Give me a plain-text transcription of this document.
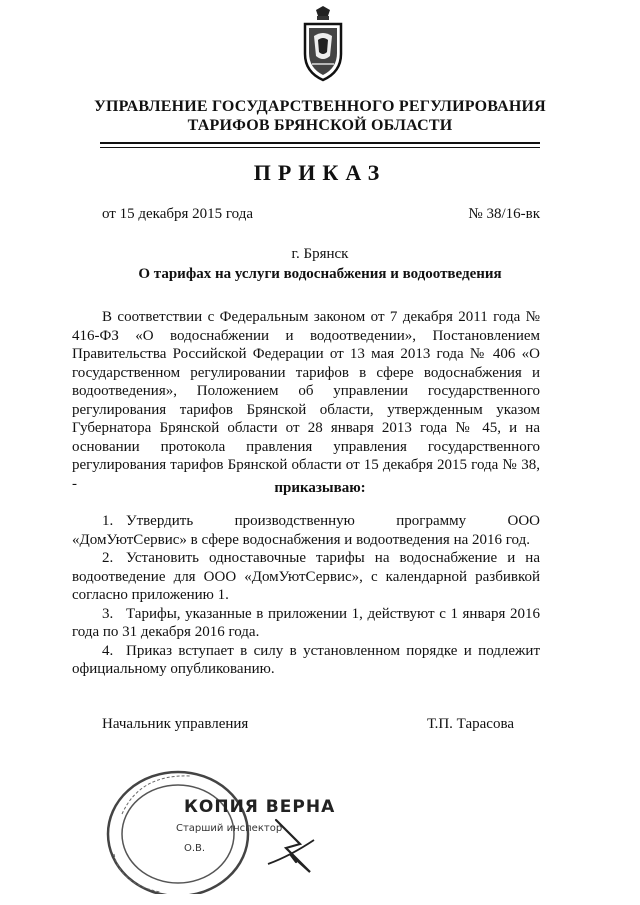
УПРАВЛЕНИЕ ГОСУДАРСТВЕННОГО РЕГУЛИРОВАНИЯ
ТАРИФОВ БРЯНСКОЙ ОБЛАСТИ
ПРИКАЗ
от 15 декабря 2015 года	№ 38/16-вк
г. Брянск
О тарифах на услуги водоснабжения и водоотведения

В соответствии с Федеральным законом от 7 декабря 2011 года № 416-ФЗ «О водоснабжении и водоотведении», Постановлением Правительства Российской Федерации от 13 мая 2013 года № 406 «О государственном регулировании тарифов в сфере водоснабжения и водоотведения», Положением об управлении государственного регулирования тарифов Брянской области, утвержденным указом Губернатора Брянской области от 28 января 2013 года № 45, и на основании протокола правления управления государственного регулирования тарифов Брянской области от 15 декабря 2015 года № 38, -	приказываю:

1. Утвердить производственную программу ООО «ДомУютСервис» в сфере водоснабжения и водоотведения на 2016 год.

2. Установить одноставочные тарифы на водоснабжение и на водоотведение для ООО «ДомУютСервис», с календарной разбивкой согласно приложению 1.

3. Тарифы, указанные в приложении 1, действуют с 1 января 2016 года по 31 декабря 2016 года.

4. Приказ вступает в силу в установленном порядке и подлежит официальному опубликованию.

Начальник управления	Т.П. Тарасова
КОПИЯ ВЕРНА
Старший инспектор
О.В.
